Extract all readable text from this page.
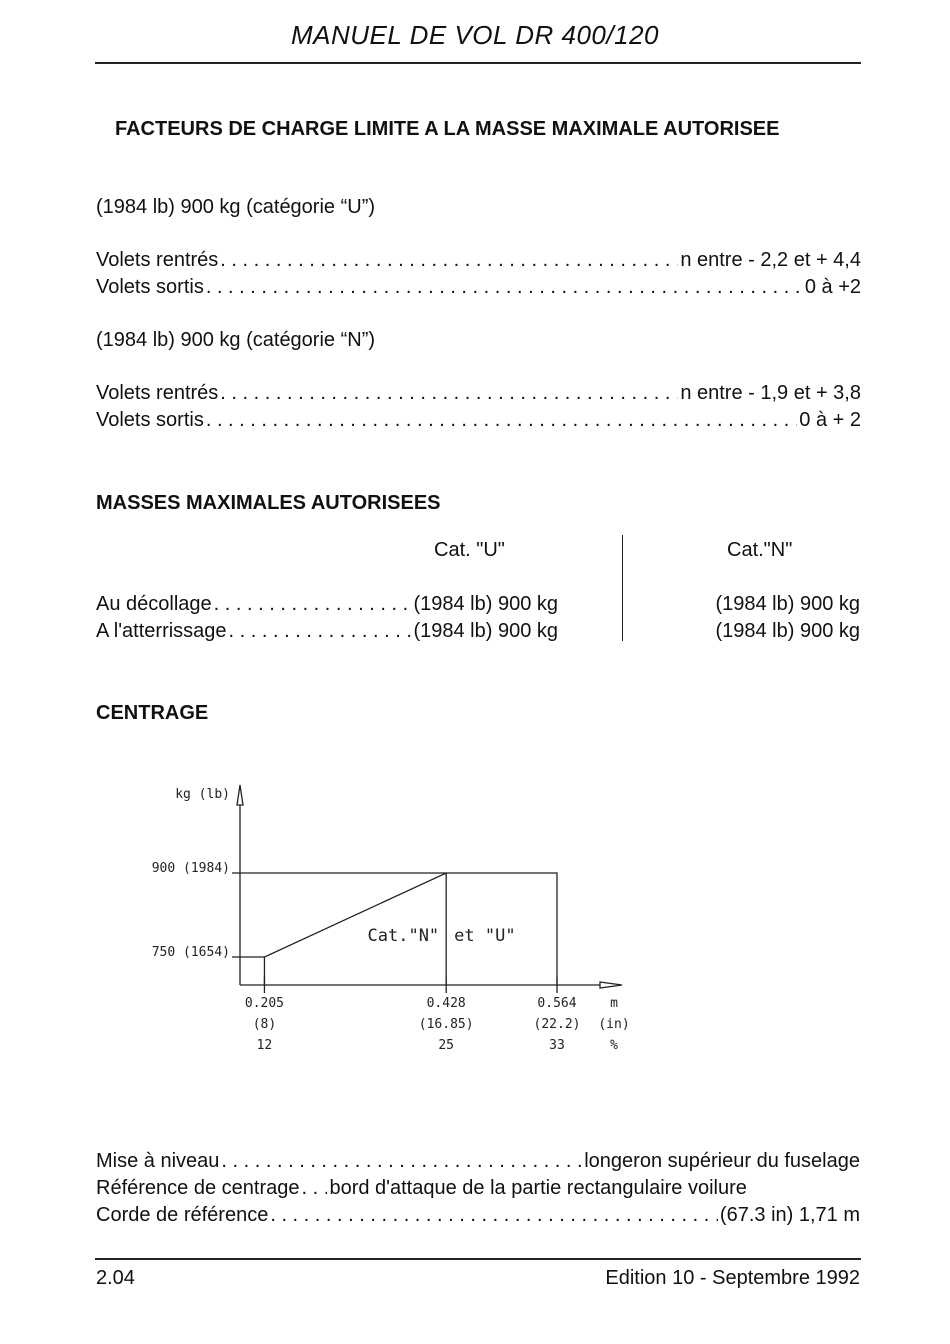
MANUEL DE VOL DR 400/120
FACTEURS DE CHARGE LIMITE A LA MASSE MAXIMALE AUTORISEE
(1984 lb) 900 kg (catégorie “U”)
Volets rentrés . . .	n entre - 2,2 et + 4,4
Volets sortis . . .	0 à +2
(1984 lb) 900 kg (catégorie “N”)
Volets rentrés . . .	n entre - 1,9 et + 3,8
Volets sortis . . .	0 à + 2
MASSES MAXIMALES AUTORISEES
Cat. "U"	Cat."N"
Au décollage . . .	(1984 lb) 900 kg	(1984 lb) 900 kg
A l'atterrissage . . .	(1984 lb) 900 kg	(1984 lb) 900 kg
CENTRAGE
kg (lb)
750 (1654)
900 (1984)
0.205
(8)
12
0.428
(16.85)
25
0.564
(22.2)
33
m
(in)
%
Cat."N" et "U"
Mise à niveau . . .	longeron supérieur du fuselage
Référence de centrage . . . bord d'attaque de la partie rectangulaire voilure
Corde de référence . . .	(67.3 in) 1,71 m
2.04	Edition 10 - Septembre 1992
